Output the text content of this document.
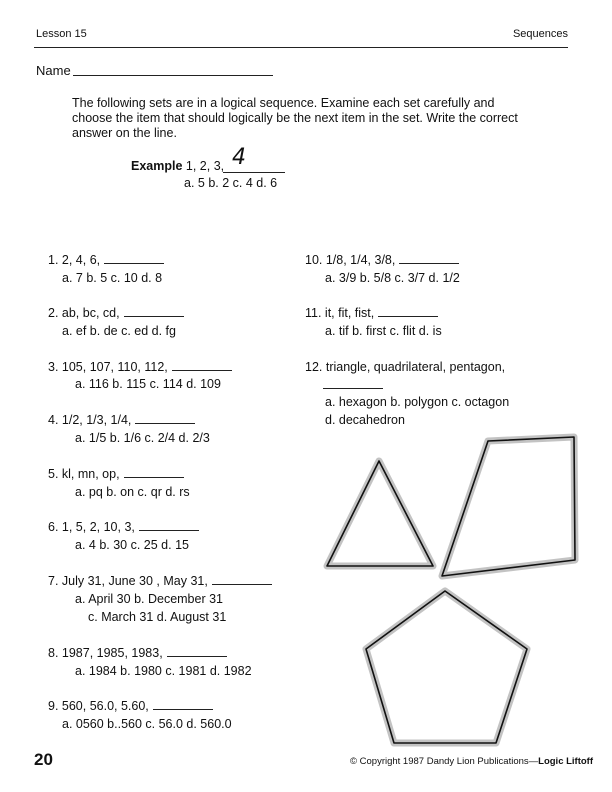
Lesson 15	Sequences
Name
The following sets are in a logical sequence. Examine each set carefully and choose the item that should logically be the next item in the set. Write the correct answer on the line.
Example 1, 2, 3, 4
a. 5 b. 2 c. 4 d. 6
1. 2, 4, 6,
a. 7 b. 5 c. 10 d. 8
2. ab, bc, cd,
a. ef b. de c. ed d. fg
3. 105, 107, 110, 112,
a. 116 b. 115 c. 114 d. 109
4. 1/2, 1/3, 1/4,
a. 1/5 b. 1/6 c. 2/4 d. 2/3
5. kl, mn, op,
a. pq b. on c. qr d. rs
6. 1, 5, 2, 10, 3,
a. 4 b. 30 c. 25 d. 15
7. July 31, June 30 , May 31,
a. April 30 b. December 31
c. March 31 d. August 31
8. 1987, 1985, 1983,
a. 1984 b. 1980 c. 1981 d. 1982
9. 560, 56.0, 5.60,
a. 0560 b..560 c. 56.0 d. 560.0
10. 1/8, 1/4, 3/8,
a. 3/9 b. 5/8 c. 3/7 d. 1/2
11. it, fit, fist,
a. tif b. first c. flit d. is
12. triangle, quadrilateral, pentagon,
a. hexagon b. polygon c. octagon
d. decahedron
20	© Copyright 1987 Dandy Lion Publications—Logic Liftoff
